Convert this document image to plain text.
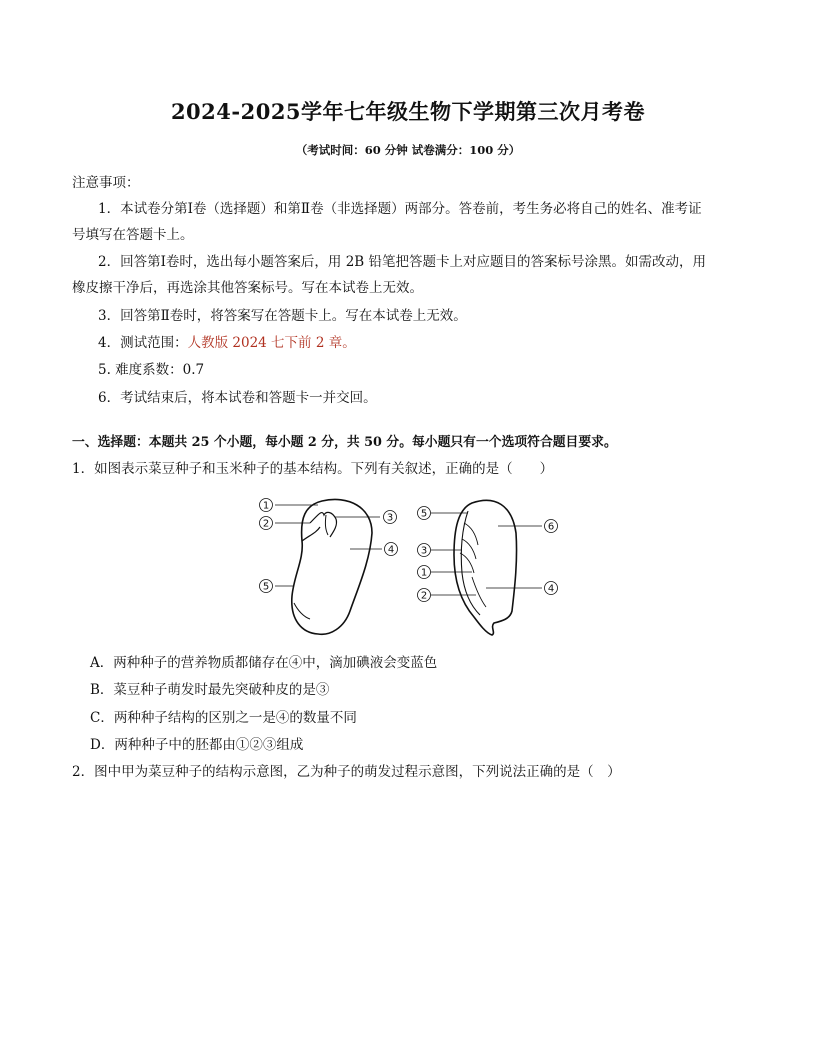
2024-2025学年七年级生物下学期第三次月考卷
（考试时间：60 分钟 试卷满分：100 分）
注意事项：
1．本试卷分第Ⅰ卷（选择题）和第Ⅱ卷（非选择题）两部分。答卷前，考生务必将自己的姓名、准考证
号填写在答题卡上。
2．回答第Ⅰ卷时，选出每小题答案后，用 2B 铅笔把答题卡上对应题目的答案标号涂黑。如需改动，用
橡皮擦干净后，再选涂其他答案标号。写在本试卷上无效。
3．回答第Ⅱ卷时，将答案写在答题卡上。写在本试卷上无效。
4．测试范围：人教版 2024 七下前 2 章。
5. 难度系数：0.7
6．考试结束后，将本试卷和答题卡一并交回。
一、选择题：本题共 25 个小题，每小题 2 分，共 50 分。每小题只有一个选项符合题目要求。
1．如图表示菜豆种子和玉米种子的基本结构。下列有关叙述，正确的是（　　）
1
2
3
4
5
5
6
3
1
2
4
A．两种种子的营养物质都储存在④中，滴加碘液会变蓝色
B．菜豆种子萌发时最先突破种皮的是③
C．两种种子结构的区别之一是④的数量不同
D．两种种子中的胚都由①②③组成
2．图中甲为菜豆种子的结构示意图，乙为种子的萌发过程示意图，下列说法正确的是（　）
